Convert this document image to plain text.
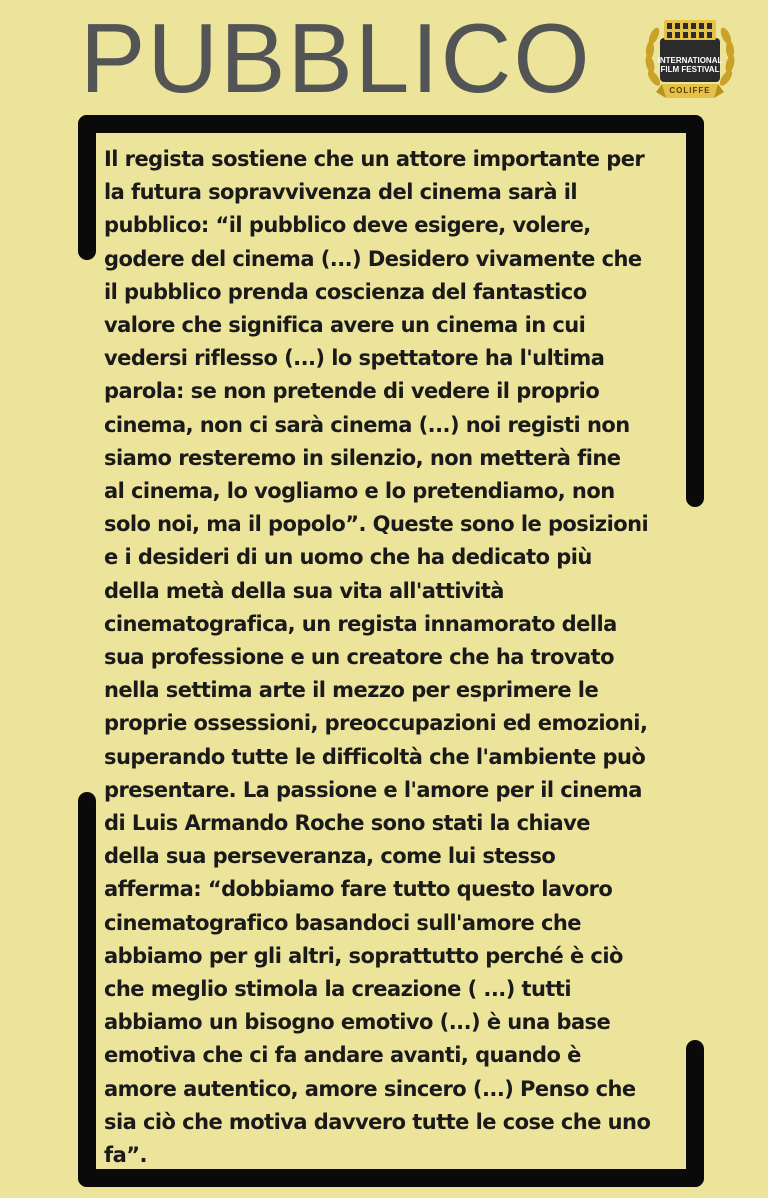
PUBBLICO	INTERNATIONAL
FILM FESTIVAL
COLIFFE

Il regista sostiene che un attore importante per
la futura sopravvivenza del cinema sarà il
pubblico: “il pubblico deve esigere, volere,
godere del cinema (...) Desidero vivamente che
il pubblico prenda coscienza del fantastico
valore che significa avere un cinema in cui
vedersi riflesso (...) lo spettatore ha l'ultima
parola: se non pretende di vedere il proprio
cinema, non ci sarà cinema (...) noi registi non
siamo resteremo in silenzio, non metterà fine
al cinema, lo vogliamo e lo pretendiamo, non
solo noi, ma il popolo”. Queste sono le posizioni
e i desideri di un uomo che ha dedicato più
della metà della sua vita all'attività
cinematografica, un regista innamorato della
sua professione e un creatore che ha trovato
nella settima arte il mezzo per esprimere le
proprie ossessioni, preoccupazioni ed emozioni,
superando tutte le difficoltà che l'ambiente può
presentare. La passione e l'amore per il cinema
di Luis Armando Roche sono stati la chiave
della sua perseveranza, come lui stesso
afferma: “dobbiamo fare tutto questo lavoro
cinematografico basandoci sull'amore che
abbiamo per gli altri, soprattutto perché è ciò
che meglio stimola la creazione ( ...) tutti
abbiamo un bisogno emotivo (...) è una base
emotiva che ci fa andare avanti, quando è
amore autentico, amore sincero (...) Penso che
sia ciò che motiva davvero tutte le cose che uno
fa”.
